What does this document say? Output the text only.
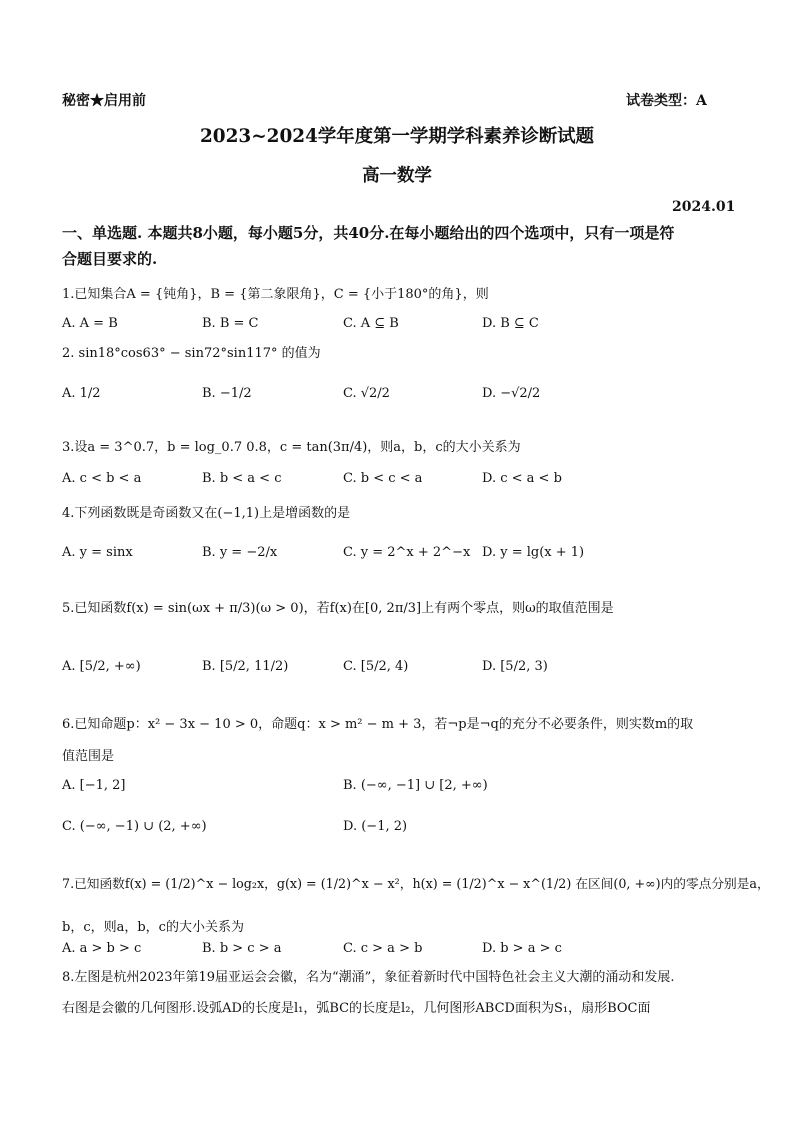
秘密★启用前	试卷类型：A
2023~2024学年度第一学期学科素养诊断试题
高一数学
2024.01
一、单选题. 本题共8小题，每小题5分，共40分.在每小题给出的四个选项中，只有一项是符
合题目要求的.
1.已知集合A = {钝角}，B = {第二象限角}，C = {小于180°的角}，则
A. A = B	B. B = C	C. A ⊆ B	D. B ⊆ C
2. sin18°cos63° − sin72°sin117° 的值为
A. 1/2	B. −1/2	C. √2/2	D. −√2/2
3.设a = 3^0.7，b = log_0.7 0.8，c = tan(3π/4)，则a，b，c的大小关系为
A. c < b < a	B. b < a < c	C. b < c < a	D. c < a < b
4.下列函数既是奇函数又在(−1,1)上是增函数的是
A. y = sinx	B. y = −2/x	C. y = 2^x + 2^−x D. y = lg(x + 1)
5.已知函数f(x) = sin(ωx + π/3)(ω > 0)，若f(x)在[0, 2π/3]上有两个零点，则ω的取值范围是
A. [5/2, +∞)	B. [5/2, 11/2)	C. [5/2, 4)	D. [5/2, 3)
6.已知命题p：x² − 3x − 10 > 0，命题q：x > m² − m + 3，若¬p是¬q的充分不必要条件，则实数m的取
值范围是
A. [−1, 2]	B. (−∞, −1] ∪ [2, +∞)
C. (−∞, −1) ∪ (2, +∞)	D. (−1, 2)
7.已知函数f(x) = (1/2)^x − log₂x，g(x) = (1/2)^x − x²，h(x) = (1/2)^x − x^(1/2) 在区间(0, +∞)内的零点分别是a，
b，c，则a，b，c的大小关系为
A. a > b > c	B. b > c > a	C. c > a > b	D. b > a > c
8.左图是杭州2023年第19届亚运会会徽，名为“潮涌”，象征着新时代中国特色社会主义大潮的涌动和发展.
右图是会徽的几何图形.设弧AD的长度是l₁，弧BC的长度是l₂，几何图形ABCD面积为S₁，扇形BOC面
